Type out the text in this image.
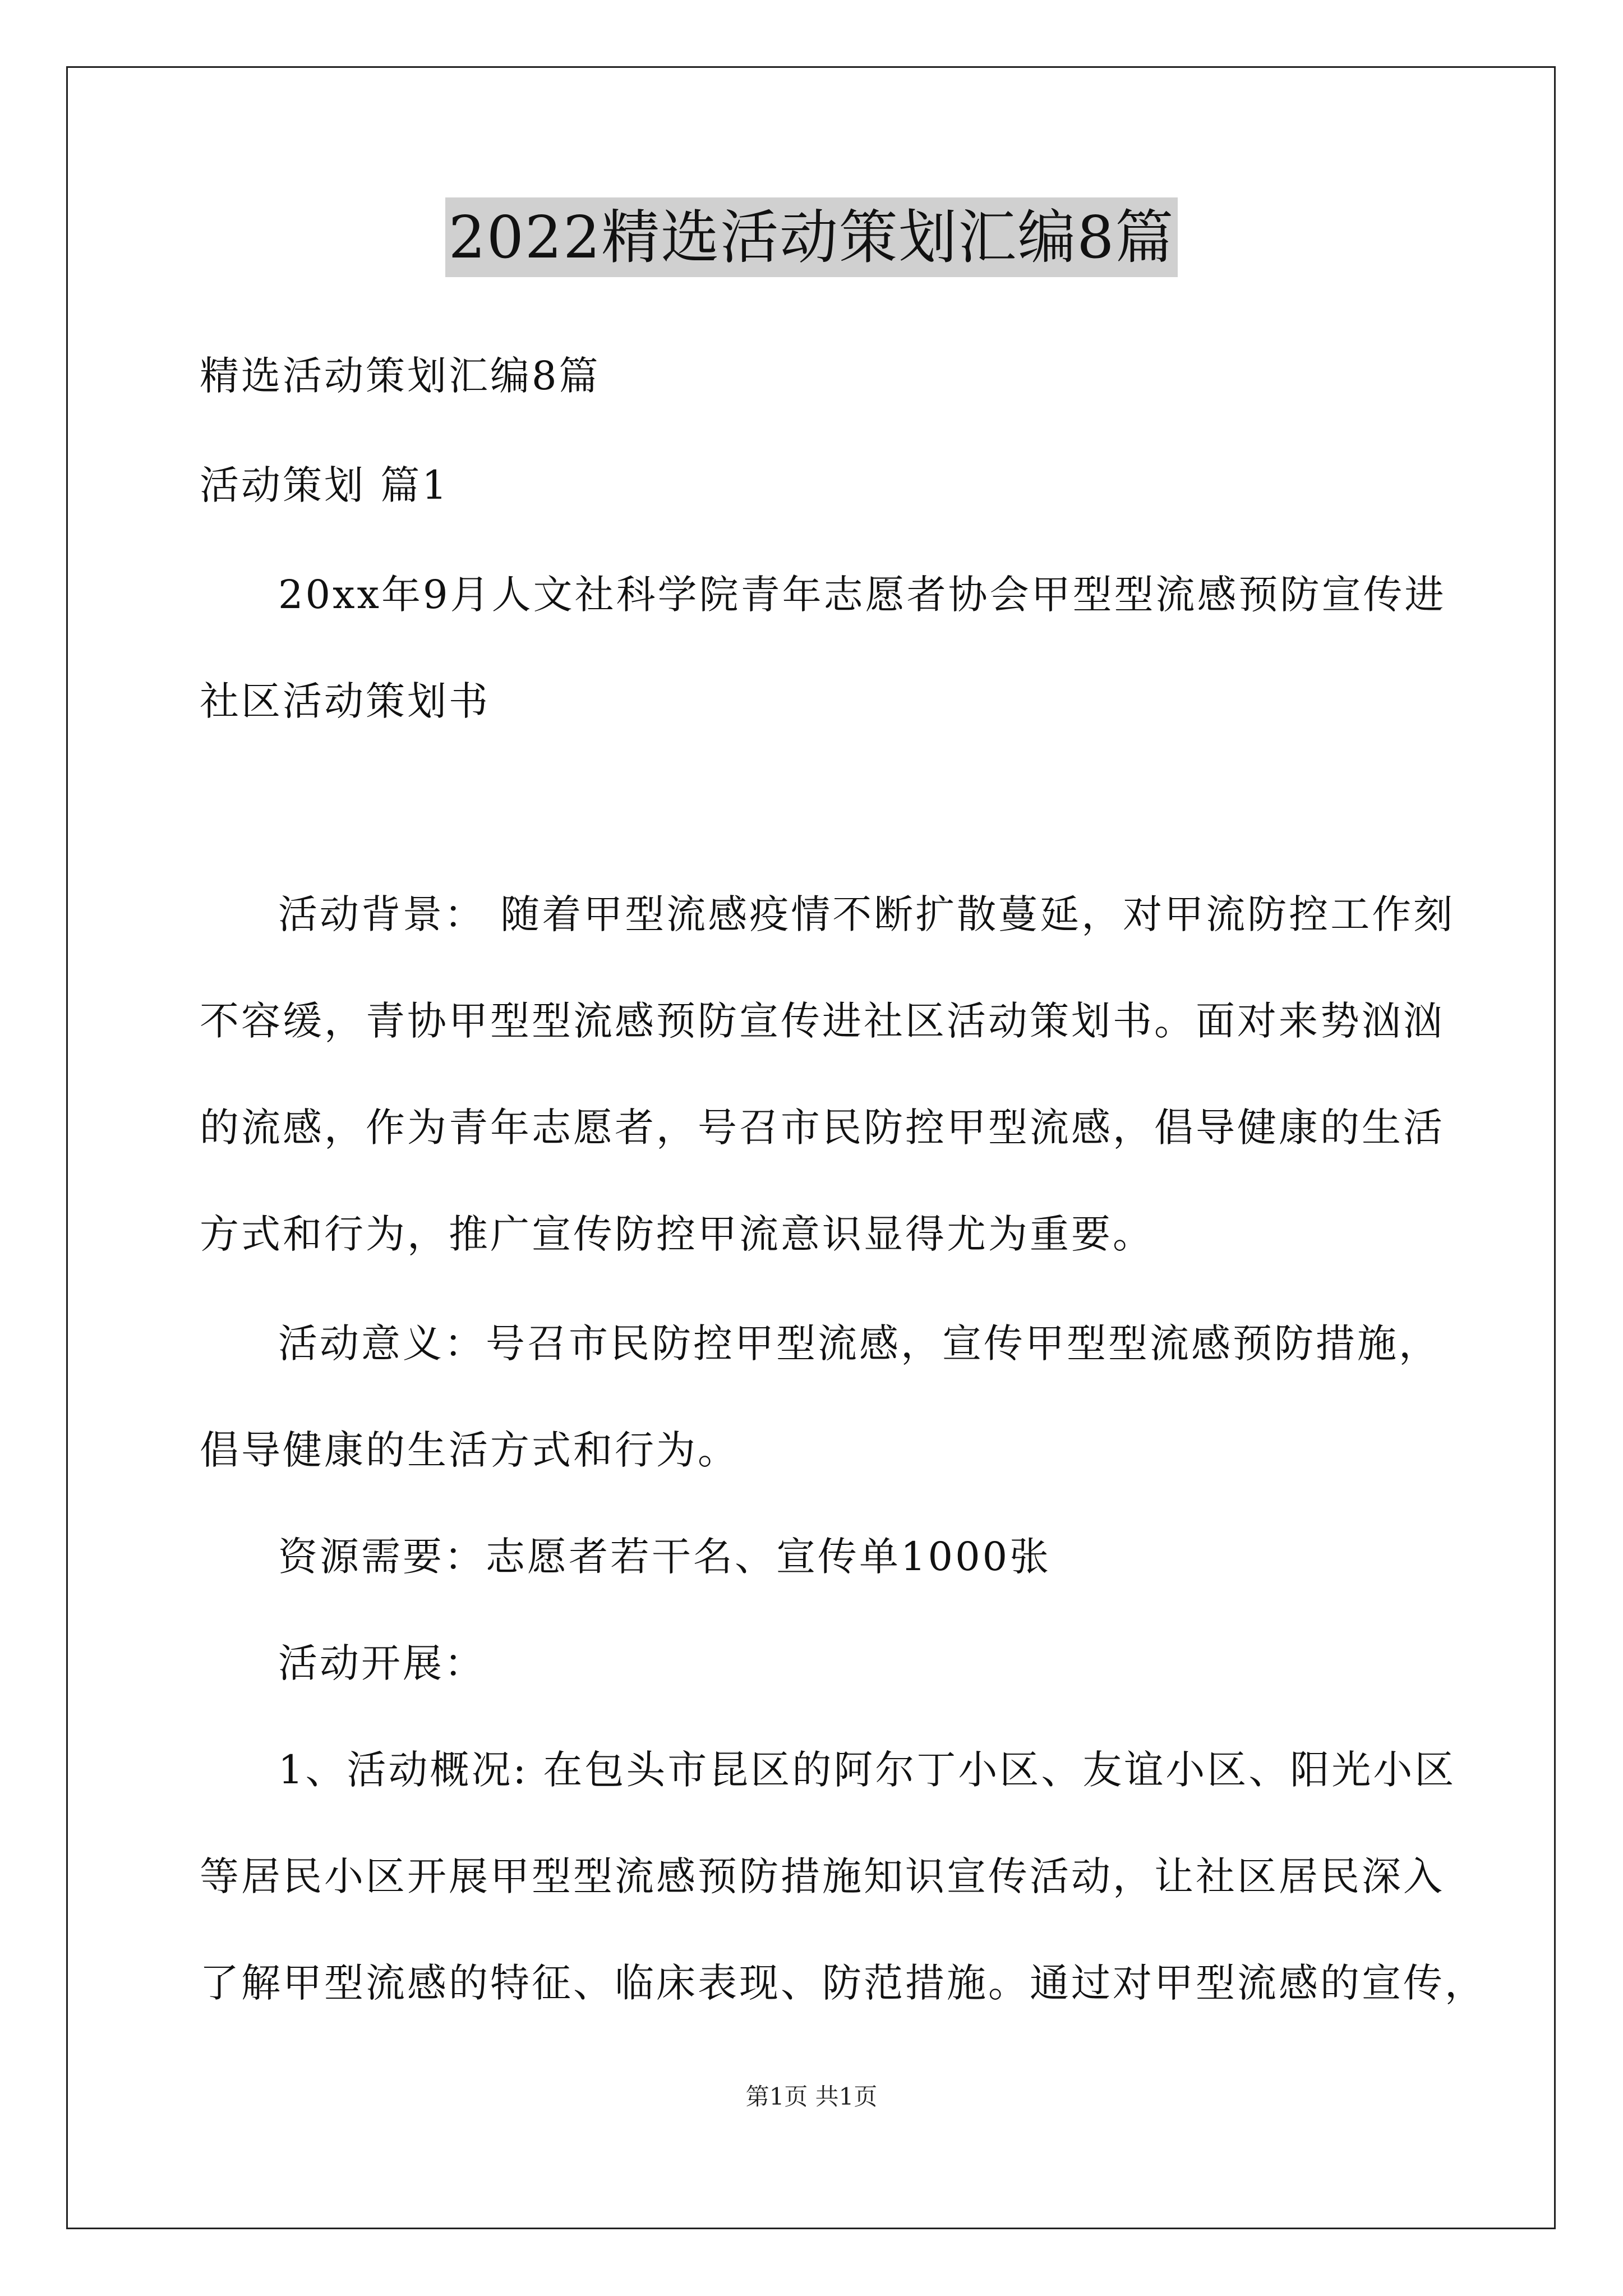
2022精选活动策划汇编8篇
精选活动策划汇编8篇
活动策划 篇1
20xx年9月人文社科学院青年志愿者协会甲型型流感预防宣传进
社区活动策划书
活动背景： 随着甲型流感疫情不断扩散蔓延，对甲流防控工作刻
不容缓，青协甲型型流感预防宣传进社区活动策划书。面对来势汹汹
的流感，作为青年志愿者，号召市民防控甲型流感，倡导健康的生活
方式和行为，推广宣传防控甲流意识显得尤为重要。
活动意义：号召市民防控甲型流感，宣传甲型型流感预防措施，
倡导健康的生活方式和行为。
资源需要：志愿者若干名、宣传单1000张
活动开展：
1、活动概况: 在包头市昆区的阿尔丁小区、友谊小区、阳光小区
等居民小区开展甲型型流感预防措施知识宣传活动，让社区居民深入
了解甲型流感的特征、临床表现、防范措施。通过对甲型流感的宣传，
第1页 共1页
